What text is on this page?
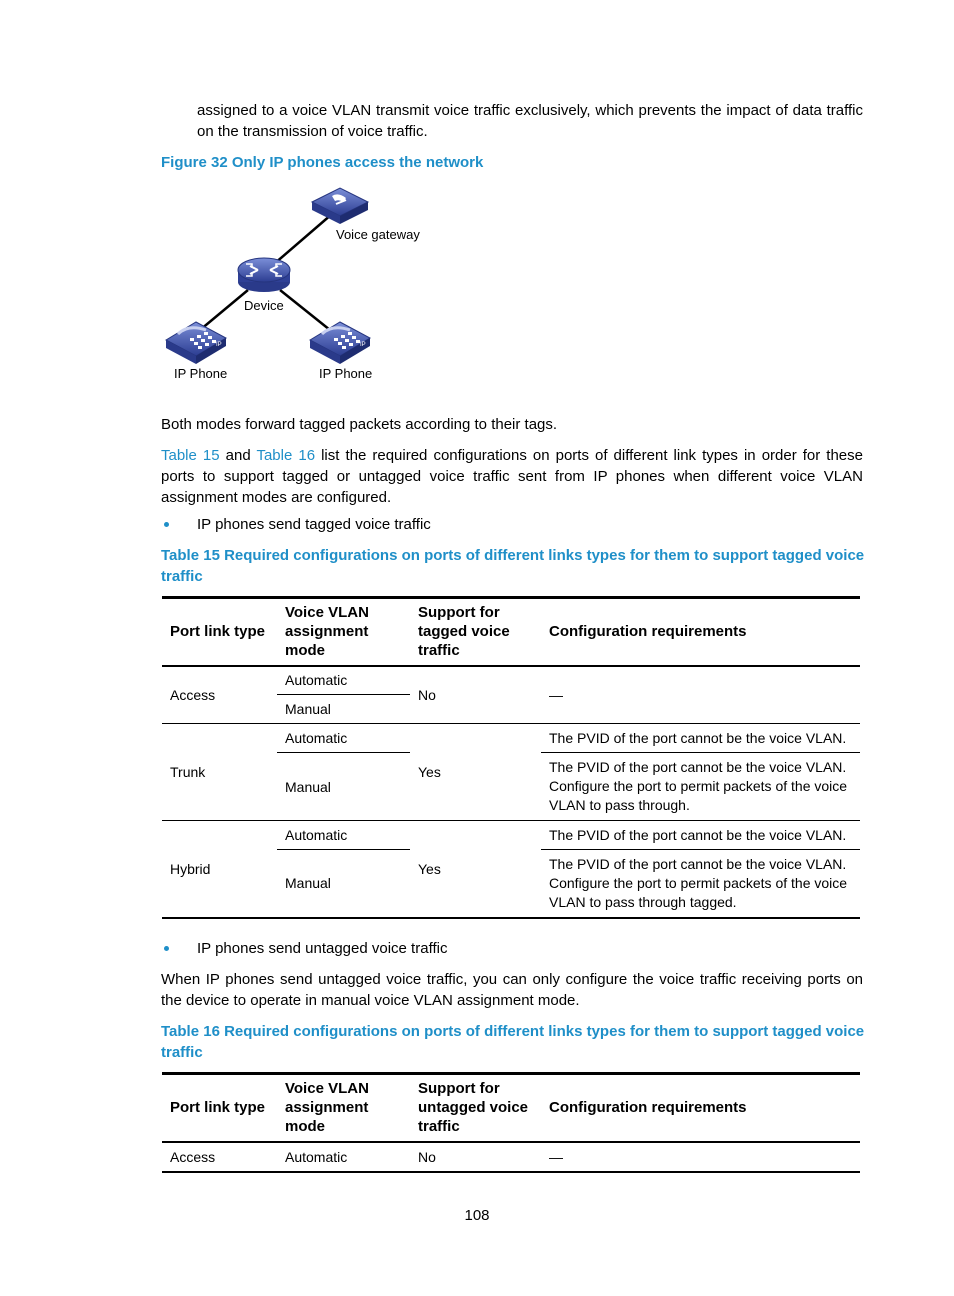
assigned to a voice VLAN transmit voice traffic exclusively, which prevents the impact of data traffic
on the transmission of voice traffic.
Figure 32 Only IP phones access the network
IP	IP
Voice gateway
Device
IP Phone	IP Phone
Both modes forward tagged packets according to their tags.
Table 15 and Table 16 list the required configurations on ports of different link types in order for these
ports to support tagged or untagged voice traffic sent from IP phones when different voice VLAN
assignment modes are configured.
IP phones send tagged voice traffic
Table 15 Required configurations on ports of different links types for them to support tagged voice
traffic
Port link type	Voice VLAN assignment mode	Support for tagged voice traffic	Configuration requirements
Access	Automatic	No	—
	Manual		
Trunk	Automatic	Yes	The PVID of the port cannot be the voice VLAN.
	Manual		The PVID of the port cannot be the voice VLAN. Configure the port to permit packets of the voice VLAN to pass through.
Hybrid	Automatic	Yes	The PVID of the port cannot be the voice VLAN.
	Manual		The PVID of the port cannot be the voice VLAN. Configure the port to permit packets of the voice VLAN to pass through tagged.
IP phones send untagged voice traffic
When IP phones send untagged voice traffic, you can only configure the voice traffic receiving ports on
the device to operate in manual voice VLAN assignment mode.
Table 16 Required configurations on ports of different links types for them to support tagged voice
traffic
Port link type	Voice VLAN assignment mode	Support for untagged voice traffic	Configuration requirements
Access	Automatic	No	—
108
